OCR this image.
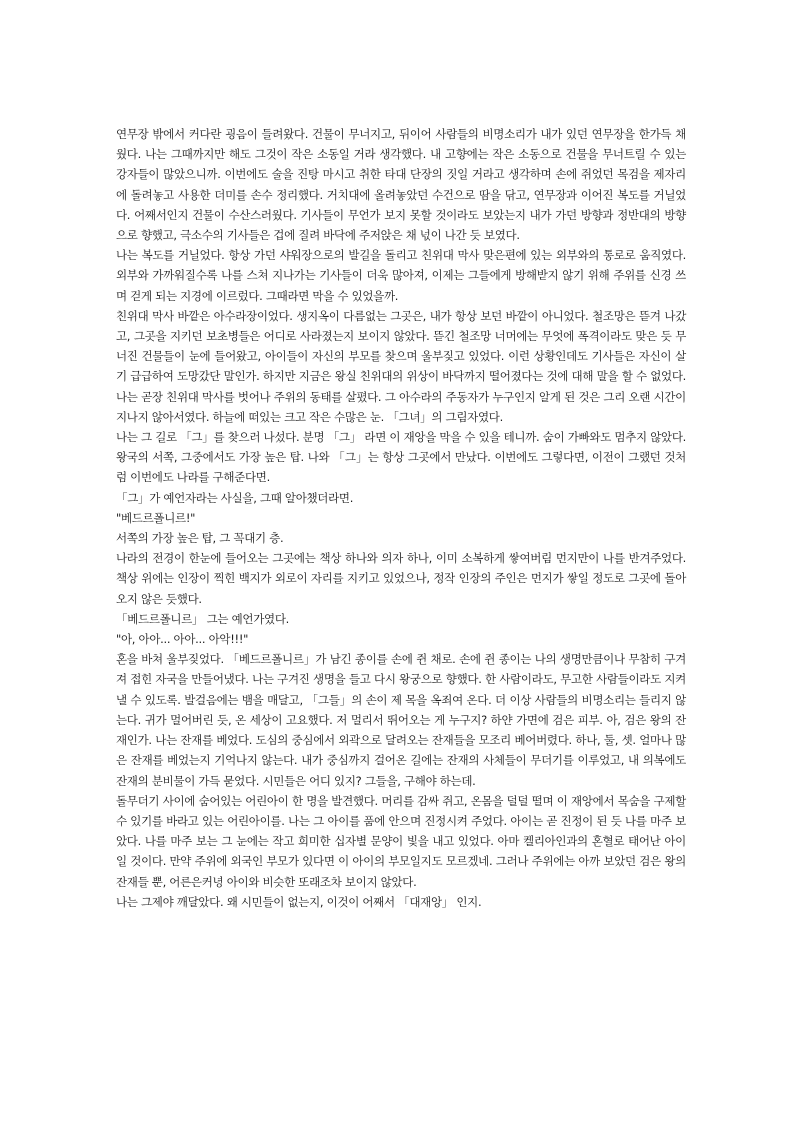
연무장 밖에서 커다란 굉음이 들려왔다. 건물이 무너지고, 뒤이어 사람들의 비명소리가 내가 있던 연무장을 한가득 채웠다. 나는 그때까지만 해도 그것이 작은 소동일 거라 생각했다. 내 고향에는 작은 소동으로 건물을 무너트릴 수 있는 강자들이 많았으니까. 이번에도 술을 진탕 마시고 취한 타대 단장의 짓일 거라고 생각하며 손에 쥐었던 목검을 제자리에 돌려놓고 사용한 더미를 손수 정리했다. 거치대에 올려놓았던 수건으로 땀을 닦고, 연무장과 이어진 복도를 거닐었다. 어째서인지 건물이 수산스러웠다. 기사들이 무언가 보지 못할 것이라도 보았는지 내가 가던 방향과 정반대의 방향으로 향했고, 극소수의 기사들은 겁에 질려 바닥에 주저앉은 채 넋이 나간 듯 보였다.

나는 복도를 거닐었다. 항상 가던 샤워장으로의 발길을 돌리고 친위대 막사 맞은편에 있는 외부와의 통로로 움직였다. 외부와 가까워질수록 나를 스쳐 지나가는 기사들이 더욱 많아져, 이제는 그들에게 방해받지 않기 위해 주위를 신경 쓰며 걷게 되는 지경에 이르렀다. 그때라면 막을 수 있었을까.

친위대 막사 바깥은 아수라장이었다. 생지옥이 다름없는 그곳은, 내가 항상 보던 바깥이 아니었다. 철조망은 뜯겨 나갔고, 그곳을 지키던 보초병들은 어디로 사라졌는지 보이지 않았다. 뜯긴 철조망 너머에는 무엇에 폭격이라도 맞은 듯 무너진 건물들이 눈에 들어왔고, 아이들이 자신의 부모를 찾으며 울부짖고 있었다. 이런 상황인데도 기사들은 자신이 살기 급급하여 도망갔단 말인가. 하지만 지금은 왕실 친위대의 위상이 바닥까지 떨어졌다는 것에 대해 말을 할 수 없었다. 나는 곧장 친위대 막사를 벗어나 주위의 동태를 살폈다. 그 아수라의 주동자가 누구인지 알게 된 것은 그리 오랜 시간이 지나지 않아서였다. 하늘에 떠있는 크고 작은 수많은 눈. 「그녀」의 그림자였다.

나는 그 길로 「그」를 찾으러 나섰다. 분명 「그」 라면 이 재앙을 막을 수 있을 테니까. 숨이 가빠와도 멈추지 않았다. 왕국의 서쪽, 그중에서도 가장 높은 탑. 나와 「그」는 항상 그곳에서 만났다. 이번에도 그렇다면, 이전이 그랬던 것처럼 이번에도 나라를 구해준다면.

「그」가 예언자라는 사실을, 그때 알아챘더라면.

"베드르폴니르!"

서쪽의 가장 높은 탑, 그 꼭대기 층.

나라의 전경이 한눈에 들어오는 그곳에는 책상 하나와 의자 하나, 이미 소복하게 쌓여버림 먼지만이 나를 반겨주었다. 책상 위에는 인장이 찍힌 백지가 외로이 자리를 지키고 있었으나, 정작 인장의 주인은 먼지가 쌓일 정도로 그곳에 돌아오지 않은 듯했다.

「베드르폴니르」 그는 예언가였다.

"아, 아아... 아아... 아악!!!"

혼을 바쳐 울부짖었다. 「베드르폴니르」가 남긴 종이를 손에 쥔 채로. 손에 쥔 종이는 나의 생명만큼이나 무참히 구겨져 접힌 자국을 만들어냈다. 나는 구겨진 생명을 들고 다시 왕궁으로 향했다. 한 사람이라도, 무고한 사람들이라도 지켜낼 수 있도록. 발걸음에는 뱀을 매달고, 「그들」의 손이 제 목을 옥죄여 온다. 더 이상 사람들의 비명소리는 들리지 않는다. 귀가 멀어버린 듯, 온 세상이 고요했다. 저 멀리서 뛰어오는 게 누구지? 하얀 가면에 검은 피부. 아, 검은 왕의 잔재인가. 나는 잔재를 베었다. 도심의 중심에서 외곽으로 달려오는 잔재들을 모조리 베어버렸다. 하나, 둘, 셋. 얼마나 많은 잔재를 베었는지 기억나지 않는다. 내가 중심까지 걸어온 길에는 잔재의 사체들이 무더기를 이루었고, 내 의복에도 잔재의 분비물이 가득 묻었다. 시민들은 어디 있지? 그들을, 구해야 하는데.

돌무더기 사이에 숨어있는 어린아이 한 명을 발견했다. 머리를 감싸 쥐고, 온몸을 덜덜 떨며 이 재앙에서 목숨을 구제할 수 있기를 바라고 있는 어린아이를. 나는 그 아이를 품에 안으며 진정시켜 주었다. 아이는 곧 진정이 된 듯 나를 마주 보았다. 나를 마주 보는 그 눈에는 작고 희미한 십자별 문양이 빛을 내고 있었다. 아마 켈리아인과의 혼혈로 태어난 아이일 것이다. 만약 주위에 외국인 부모가 있다면 이 아이의 부모일지도 모르겠네. 그러나 주위에는 아까 보았던 검은 왕의 잔재들 뿐, 어른은커녕 아이와 비슷한 또래조차 보이지 않았다.

나는 그제야 깨달았다. 왜 시민들이 없는지, 이것이 어째서 「대재앙」 인지.
